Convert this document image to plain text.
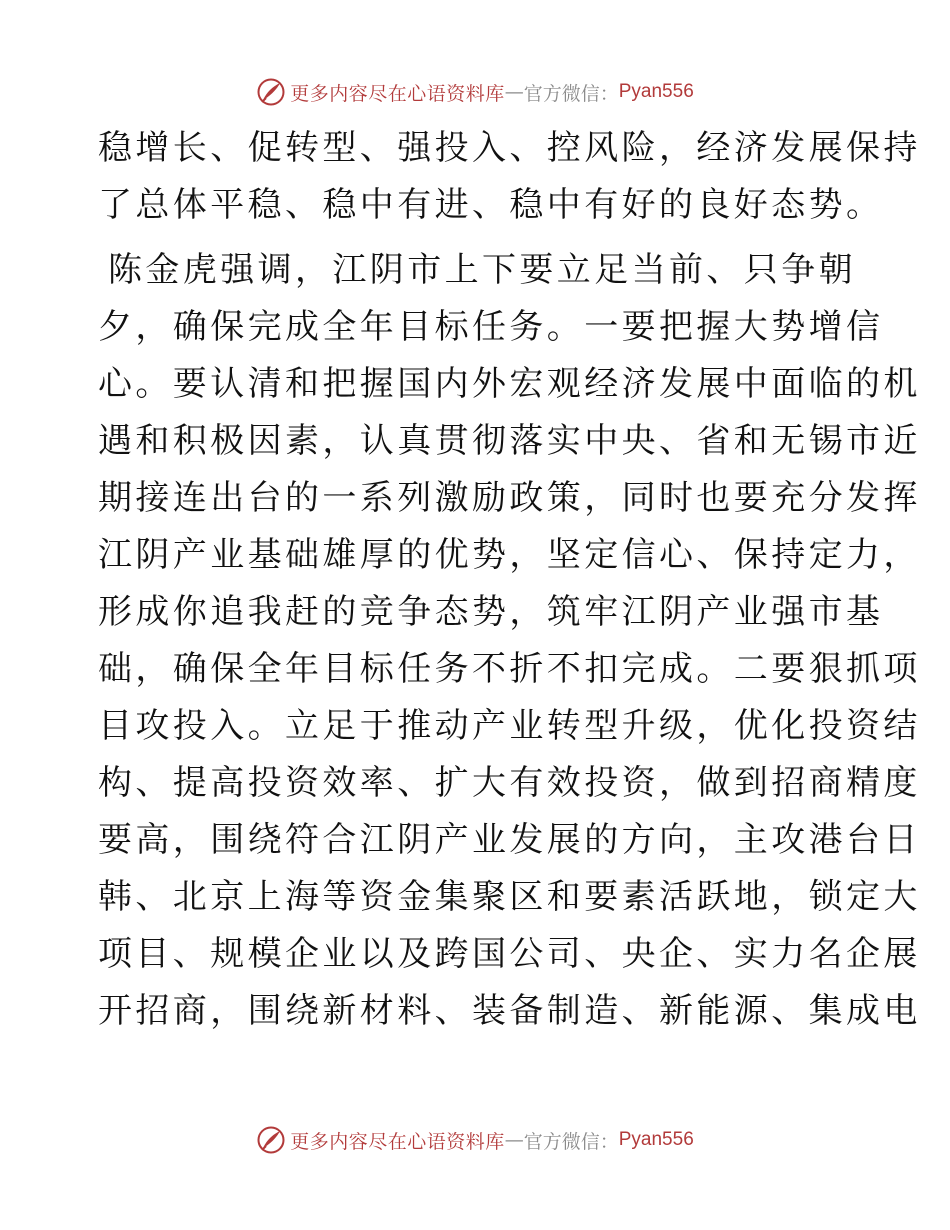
更多内容尽在心语资料库 — 官方微信： Pyan556
稳增长、促转型、强投入、控风险，经济发展保持
了总体平稳、稳中有进、稳中有好的良好态势。
陈金虎强调，江阴市上下要立足当前、只争朝
夕，确保完成全年目标任务。一要把握大势增信
心。要认清和把握国内外宏观经济发展中面临的机
遇和积极因素，认真贯彻落实中央、省和无锡市近
期接连出台的一系列激励政策，同时也要充分发挥
江阴产业基础雄厚的优势，坚定信心、保持定力，
形成你追我赶的竞争态势，筑牢江阴产业强市基
础，确保全年目标任务不折不扣完成。二要狠抓项
目攻投入。立足于推动产业转型升级，优化投资结
构、提高投资效率、扩大有效投资，做到招商精度
要高，围绕符合江阴产业发展的方向，主攻港台日
韩、北京上海等资金集聚区和要素活跃地，锁定大
项目、规模企业以及跨国公司、央企、实力名企展
开招商，围绕新材料、装备制造、新能源、集成电
更多内容尽在心语资料库 — 官方微信： Pyan556
